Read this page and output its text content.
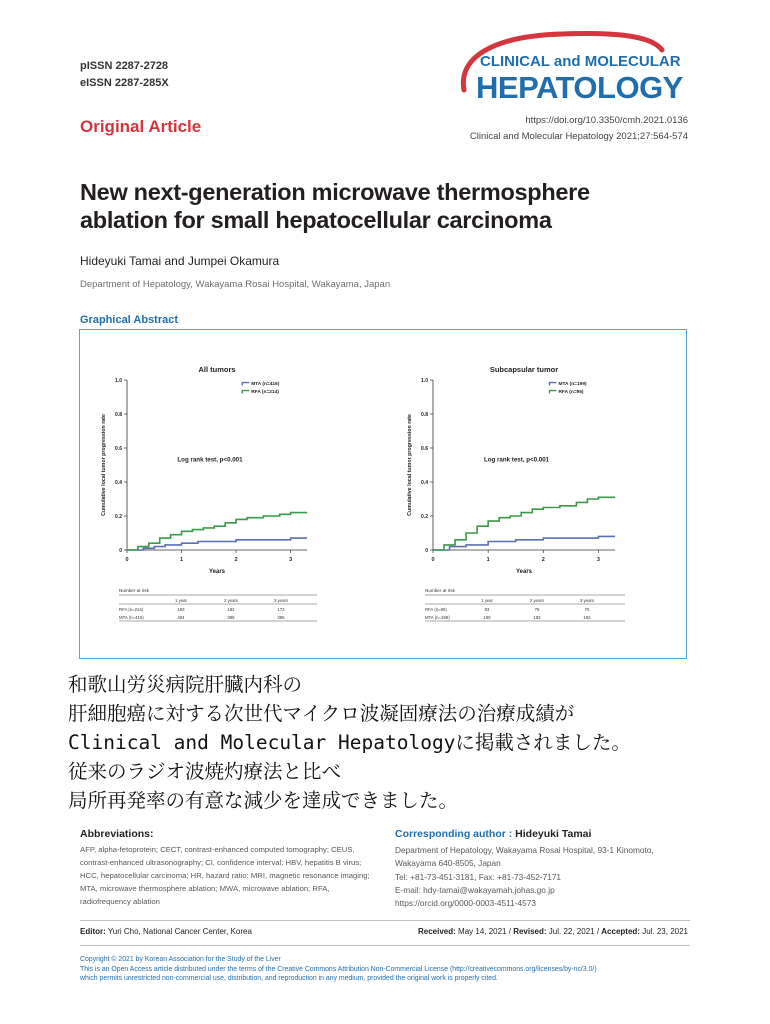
pISSN 2287-2728
eISSN 2287-285X
Original Article
CLINICAL and MOLECULAR
HEPATOLOGY
https://doi.org/10.3350/cmh.2021.0136
Clinical and Molecular Hepatology 2021;27:564-574
New next-generation microwave thermosphere
ablation for small hepatocellular carcinoma
Hideyuki Tamai and Jumpei Okamura
Department of Hepatology, Wakayama Rosai Hospital, Wakayama, Japan
Graphical Abstract
All tumors
0
0.2
0.4
0.6
0.8
1.0
0	1	2	3
Years
Cumulative local tumor progression rate	Log rank test, p<0.001
MTA (n=416)
RFA (n=214)
Number at risk
1 year	2 years	3 years
RFA (n=214)	193	182	173
MTA (n=416)	404	398	395
Subcapsular tumor
0
0.2
0.4
0.6
0.8
1.0
0	1	2	3
Years
Cumulative local tumor progression rate	Log rank test, p<0.001
MTA (n=199)
RFA (n=95)
Number at risk
1 year	2 years	3 years
RFA (n=95)	83	75	70
MTA (n=199)	190	182	182
和歌山労災病院肝臓内科の
肝細胞癌に対する次世代マイクロ波凝固療法の治療成績が
Clinical and Molecular Hepatologyに掲載されました。
従来のラジオ波焼灼療法と比べ
局所再発率の有意な減少を達成できました。
Abbreviations:
AFP, alpha-fetoprotein; CECT, contrast-enhanced computed tomography; CEUS, contrast-enhanced ultrasonography; CI, confidence interval; HBV, hepatitis B virus; HCC, hepatocellular carcinoma; HR, hazard ratio; MRI, magnetic resonance imaging; MTA, microwave thermosphere ablation; MWA, microwave ablation; RFA, radiofrequency ablation
Corresponding author : Hideyuki Tamai
Department of Hepatology, Wakayama Rosai Hospital, 93-1 Kinomoto, Wakayama 640-8505, Japan
Tel: +81-73-451-3181, Fax: +81-73-452-7171
E-mail: hdy-tamai@wakayamah.johas.go.jp
https://orcid.org/0000-0003-4511-4573
Editor: Yuri Cho, National Cancer Center, Korea	Received: May 14, 2021 / Revised: Jul. 22, 2021 / Accepted: Jul. 23, 2021
Copyright © 2021 by Korean Association for the Study of the Liver
This is an Open Access article distributed under the terms of the Creative Commons Attribution Non-Commercial License (http://creativecommons.org/licenses/by-nc/3.0/)
which permits unrestricted non-commercial use, distribution, and reproduction in any medium, provided the original work is properly cited.
